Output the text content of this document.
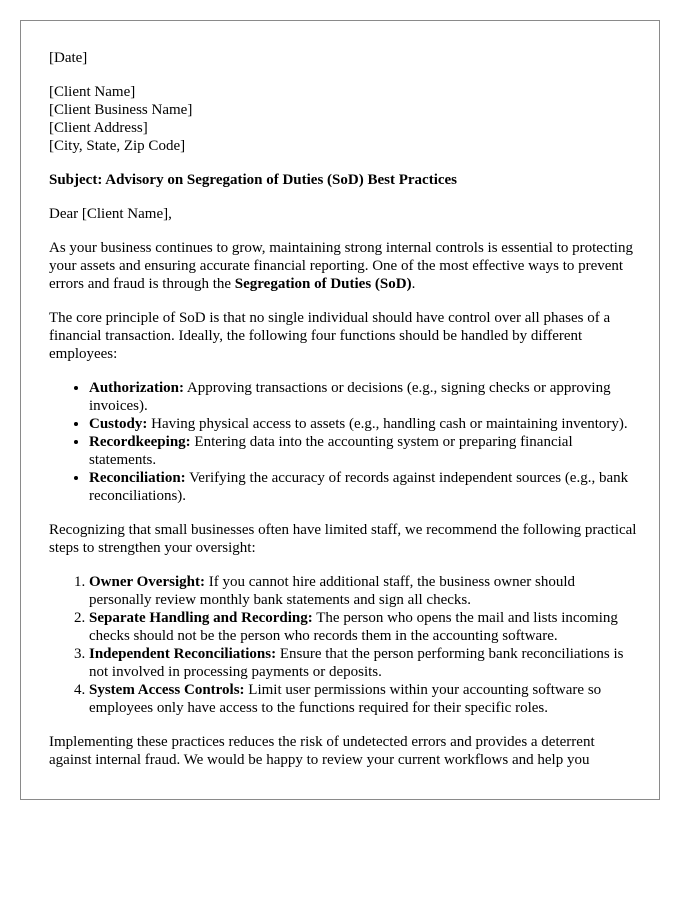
[Date]

[Client Name]
[Client Business Name]
[Client Address]
[City, State, Zip Code]

Subject: Advisory on Segregation of Duties (SoD) Best Practices

Dear [Client Name],

As your business continues to grow, maintaining strong internal controls is essential to protecting your assets and ensuring accurate financial reporting. One of the most effective ways to prevent errors and fraud is through the Segregation of Duties (SoD).

The core principle of SoD is that no single individual should have control over all phases of a financial transaction. Ideally, the following four functions should be handled by different employees:

• Authorization: Approving transactions or decisions (e.g., signing checks or approving invoices).
• Custody: Having physical access to assets (e.g., handling cash or maintaining inventory).
• Recordkeeping: Entering data into the accounting system or preparing financial statements.
• Reconciliation: Verifying the accuracy of records against independent sources (e.g., bank reconciliations).

Recognizing that small businesses often have limited staff, we recommend the following practical steps to strengthen your oversight:

1. Owner Oversight: If you cannot hire additional staff, the business owner should personally review monthly bank statements and sign all checks.
2. Separate Handling and Recording: The person who opens the mail and lists incoming checks should not be the person who records them in the accounting software.
3. Independent Reconciliations: Ensure that the person performing bank reconciliations is not involved in processing payments or deposits.
4. System Access Controls: Limit user permissions within your accounting software so employees only have access to the functions required for their specific roles.

Implementing these practices reduces the risk of undetected errors and provides a deterrent against internal fraud. We would be happy to review your current workflows and help you
